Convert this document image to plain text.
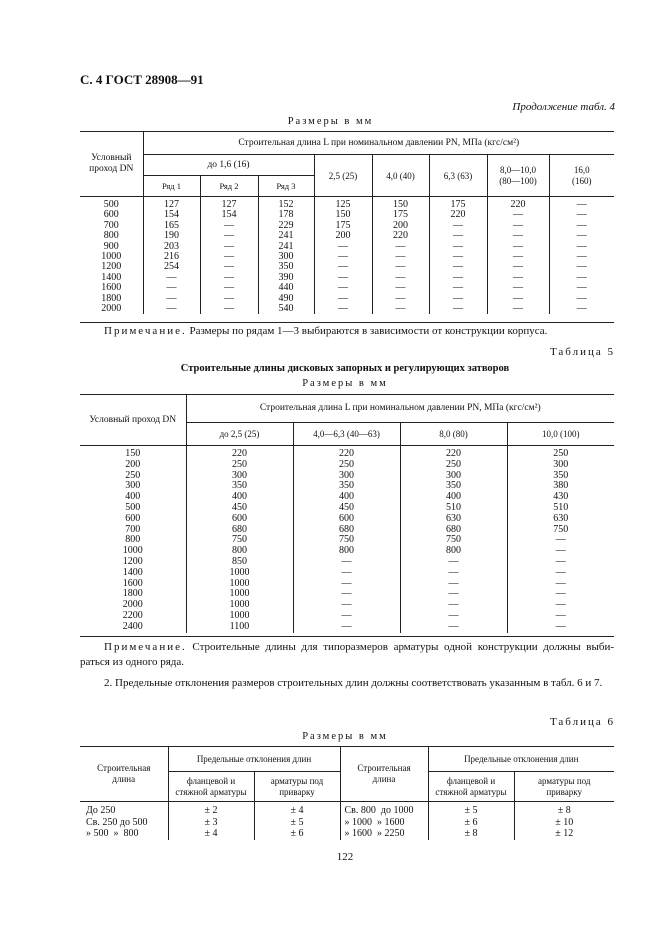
С. 4 ГОСТ 28908—91
Продолжение табл. 4
Размеры в мм
Условный проход DN	Строительная длина L при номинальном давлении PN, МПа (кгс/см²)							
	до 1,6 (16)			2,5 (25)	4,0 (40)	6,3 (63)	8,0—10,0
(80—100)	16,0
(160)
	Ряд 1	Ряд 2	Ряд 3					
500	127	127	152	125	150	175	220	—
600	154	154	178	150	175	220	—	—
700	165	—	229	175	200	—	—	—
800	190	—	241	200	220	—	—	—
900	203	—	241	—	—	—	—	—
1000	216	—	300	—	—	—	—	—
1200	254	—	350	—	—	—	—	—
1400	—	—	390	—	—	—	—	—
1600	—	—	440	—	—	—	—	—
1800	—	—	490	—	—	—	—	—
2000	—	—	540	—	—	—	—	—
Примечание. Размеры по рядам 1—3 выбираются в зависимости от конструкции корпуса.
Таблица 5
Строительные длины дисковых запорных и регулирующих затворов
Размеры в мм
Условный проход DN	Строительная длина L при номинальном давлении PN, МПа (кгс/см²)			
	до 2,5 (25)	4,0—6,3 (40—63)	8,0 (80)	10,0 (100)
150	220	220	220	250
200	250	250	250	300
250	300	300	300	350
300	350	350	350	380
400	400	400	400	430
500	450	450	510	510
600	600	600	630	630
700	680	680	680	750
800	750	750	750	—
1000	800	800	800	—
1200	850	—	—	—
1400	1000	—	—	—
1600	1000	—	—	—
1800	1000	—	—	—
2000	1000	—	—	—
2200	1000	—	—	—
2400	1100	—	—	—
Примечание. Строительные длины для типоразмеров арматуры одной конструкции должны выби-раться из одного ряда.
2. Предельные отклонения размеров строительных длин должны соответствовать указанным в табл. 6 и 7.
Таблица 6
Размеры в мм
Строительная длина	Предельные отклонения длин		Строительная длина	Предельные отклонения длин	
	фланцевой и стяжной арматуры	арматуры под приварку		фланцевой и стяжной арматуры	арматуры под приварку
До 250	± 2	± 4	Св. 800  до 1000	± 5	± 8
Св. 250 до 500	± 3	± 5	» 1000  » 1600	± 6	± 10
» 500  »  800	± 4	± 6	» 1600  » 2250	± 8	± 12
122
